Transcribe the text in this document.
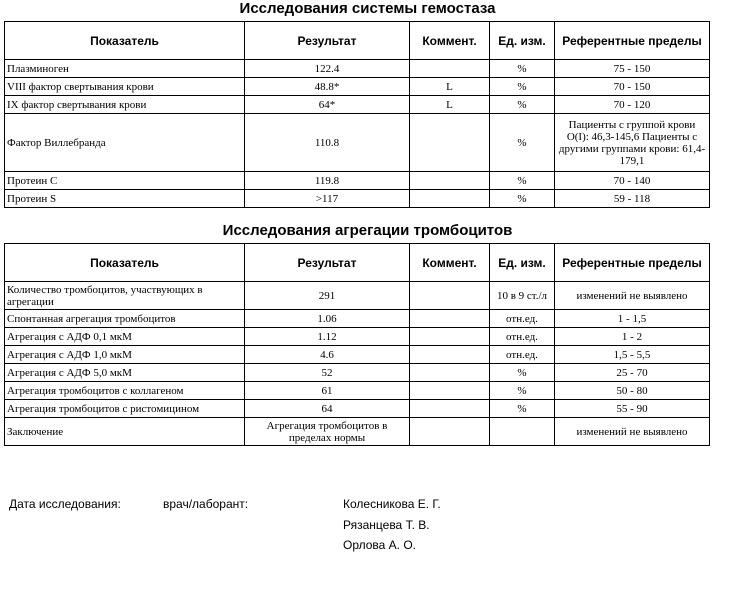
Исследования системы гемостаза
Показатель	Результат	Коммент.	Ед. изм.	Референтные пределы
Плазминоген	122.4		%	75 - 150
VIII фактор свертывания крови	48.8*	L	%	70 - 150
IX фактор свертывания крови	64*	L	%	70 - 120
Фактор Виллебранда	110.8		%	Пациенты с группой крови O(I): 46,3-145,6 Пациенты с другими группами крови: 61,4-179,1
Протеин C	119.8		%	70 - 140
Протеин S	>117		%	59 - 118
Исследования агрегации тромбоцитов
Показатель	Результат	Коммент.	Ед. изм.	Референтные пределы
Количество тромбоцитов, участвующих в агрегации	291		10 в 9 ст./л	изменений не выявлено
Спонтанная агрегация тромбоцитов	1.06		отн.ед.	1 - 1,5
Агрегация с АДФ 0,1 мкМ	1.12		отн.ед.	1 - 2
Агрегация с АДФ 1,0 мкМ	4.6		отн.ед.	1,5 - 5,5
Агрегация с АДФ 5,0 мкМ	52		%	25 - 70
Агрегация тромбоцитов с коллагеном	61		%	50 - 80
Агрегация тромбоцитов с ристомицином	64		%	55 - 90
Заключение	Агрегация тромбоцитов в пределах нормы			изменений не выявлено
Дата исследования:	врач/лаборант:	Колесникова Е. Г.
Рязанцева Т. В.
Орлова А. О.
